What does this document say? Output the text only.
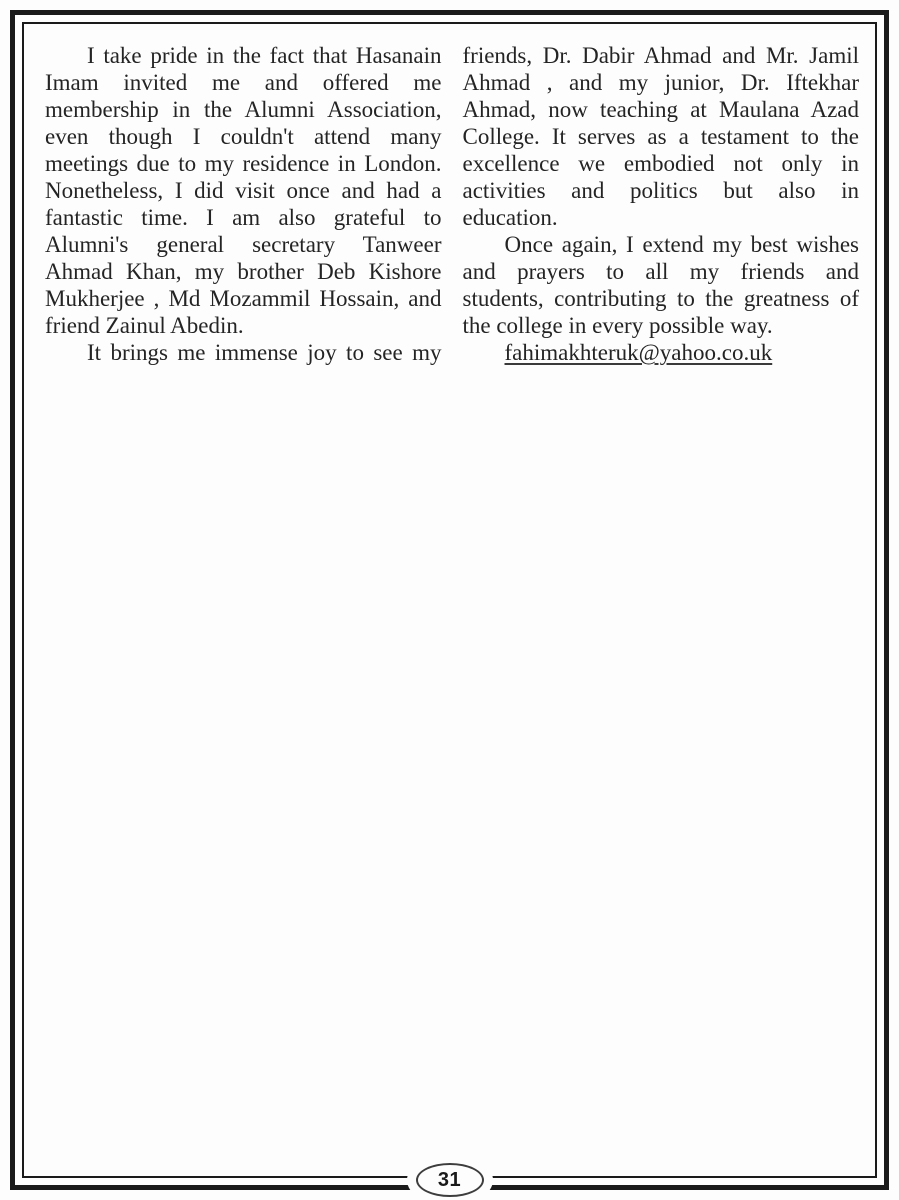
I take pride in the fact that Hasanain
Imam invited me and offered me
membership in the Alumni Association,
even though I couldn't attend many
meetings due to my residence in London.
Nonetheless, I did visit once and had a
fantastic time. I am also grateful to
Alumni's general secretary Tanweer
Ahmad Khan, my brother Deb Kishore
Mukherjee , Md Mozammil Hossain, and
friend Zainul Abedin.
It brings me immense joy to see my
friends, Dr. Dabir Ahmad and Mr. Jamil
Ahmad , and my junior, Dr. Iftekhar
Ahmad, now teaching at Maulana Azad
College. It serves as a testament to the
excellence we embodied not only in
activities and politics but also in
education.
Once again, I extend my best wishes
and prayers to all my friends and
students, contributing to the greatness of
the college in every possible way.
fahimakhteruk@yahoo.co.uk
31
